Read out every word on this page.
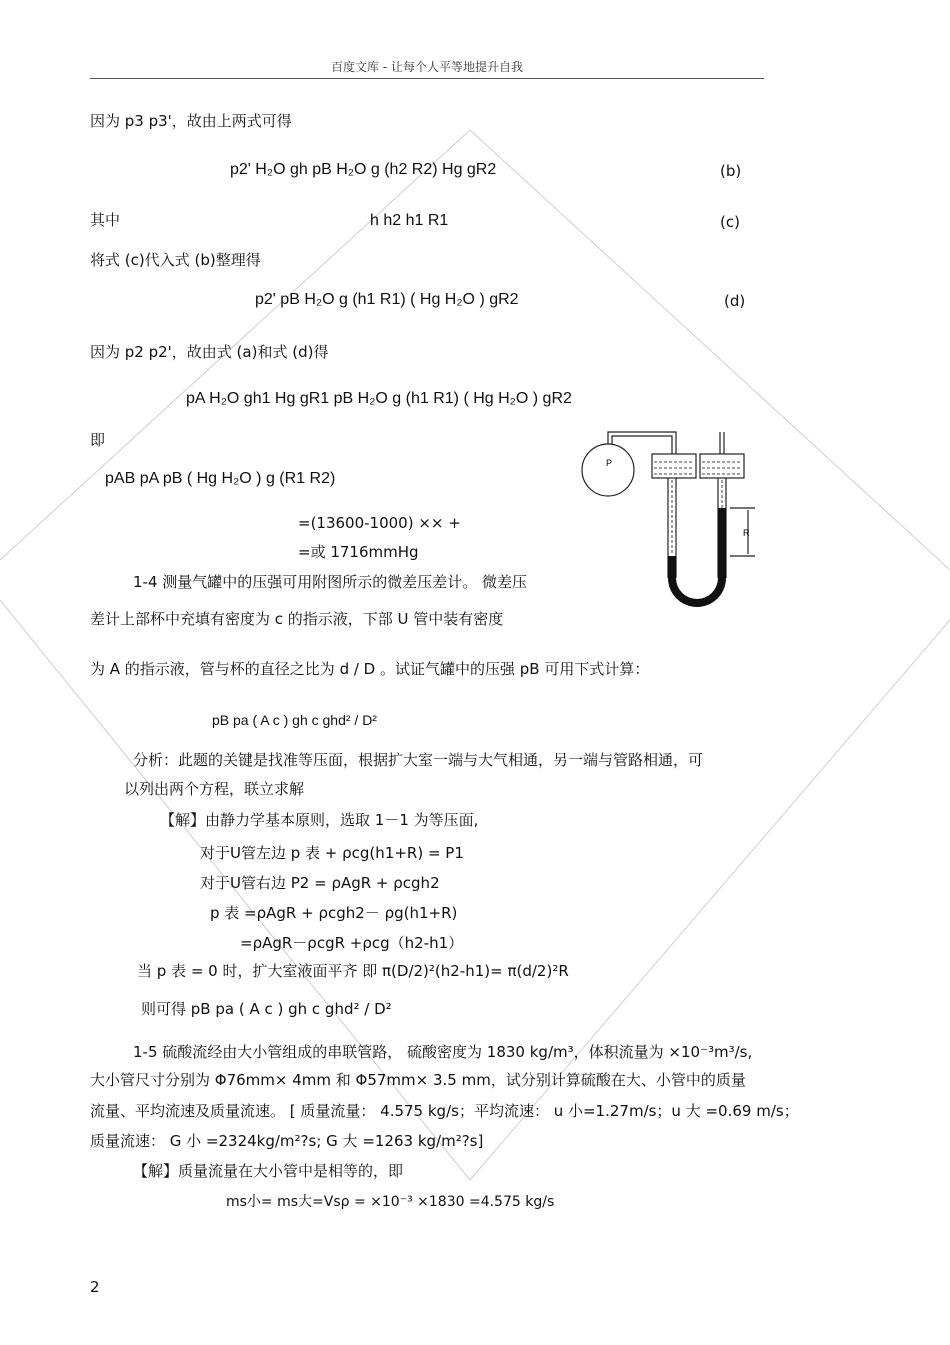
百度文库 - 让每个人平等地提升自我
因为 p3 p3'，故由上两式可得
p2' H₂O gh pB H₂O g (h2 R2) Hg gR2	(b)
其中	h h2 h1 R1	(c)
将式 (c)代入式 (b)整理得
p2' pB H₂O g (h1 R1) ( Hg H₂O ) gR2	(d)
因为 p2 p2'，故由式 (a)和式 (d)得
pA H₂O gh1 Hg gR1 pB H₂O g (h1 R1) ( Hg H₂O ) gR2
即
pAB pA pB ( Hg H₂O ) g (R1 R2)
=(13600-1000) ×× +
=或 1716mmHg
1-4 测量气罐中的压强可用附图所示的微差压差计。 微差压
差计上部杯中充填有密度为 c 的指示液，下部 U 管中装有密度
为 A 的指示液，管与杯的直径之比为 d / D 。试证气罐中的压强 pB 可用下式计算：
pB pa ( A c ) gh c ghd² / D²
分析：此题的关键是找准等压面，根据扩大室一端与大气相通，另一端与管路相通，可
以列出两个方程，联立求解
【解】由静力学基本原则，选取 1－1 为等压面,
对于U管左边 p 表 + ρcg(h1+R) = P1
对于U管右边 P2 = ρAgR + ρcgh2
p 表 =ρAgR + ρcgh2－ ρg(h1+R)
=ρAgR－ρcgR +ρcg（h2-h1）
当 p 表 = 0 时，扩大室液面平齐 即 π(D/2)²(h2-h1)= π(d/2)²R
则可得 pB pa ( A c ) gh c ghd² / D²
1-5 硫酸流经由大小管组成的串联管路， 硫酸密度为 1830 kg/m³，体积流量为 ×10⁻³m³/s,
大小管尺寸分别为 Φ76mm× 4mm 和 Φ57mm× 3.5 mm，试分别计算硫酸在大、小管中的质量
流量、平均流速及质量流速。 [ 质量流量： 4.575 kg/s；平均流速： u 小=1.27m/s；u 大 =0.69 m/s；
质量流速： G 小 =2324kg/m²?s; G 大 =1263 kg/m²?s]
【解】质量流量在大小管中是相等的，即
ms小= ms大=Vsρ = ×10⁻³ ×1830 =4.575 kg/s
P
R
2
